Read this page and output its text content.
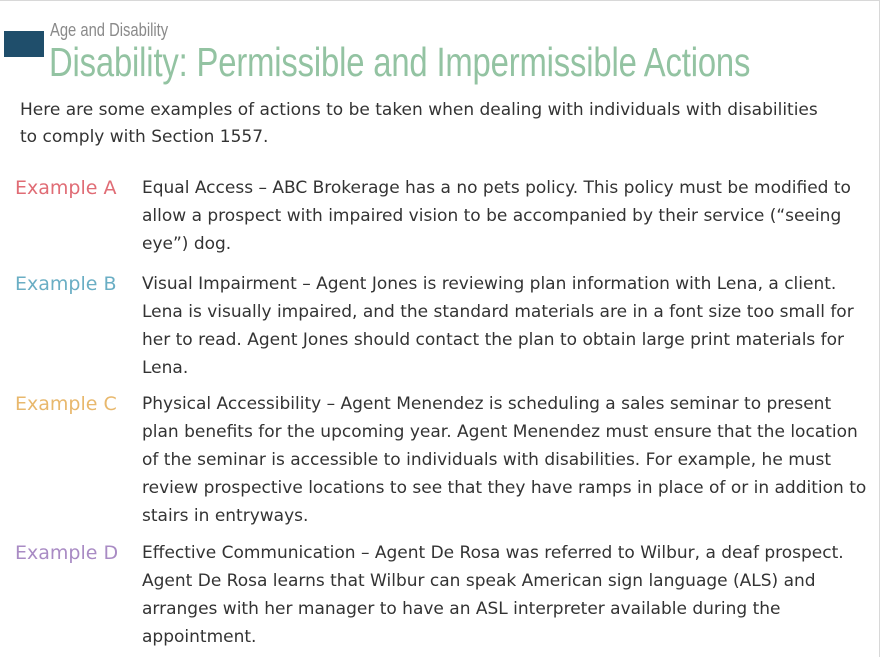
Age and Disability
Disability: Permissible and Impermissible Actions
Here are some examples of actions to be taken when dealing with individuals with disabilities to comply with Section 1557.
Example A Equal Access – ABC Brokerage has a no pets policy. This policy must be modified to allow a prospect with impaired vision to be accompanied by their service (“seeing eye”) dog.
Example B Visual Impairment – Agent Jones is reviewing plan information with Lena, a client. Lena is visually impaired, and the standard materials are in a font size too small for her to read. Agent Jones should contact the plan to obtain large print materials for Lena.
Example C Physical Accessibility – Agent Menendez is scheduling a sales seminar to present plan benefits for the upcoming year. Agent Menendez must ensure that the location of the seminar is accessible to individuals with disabilities. For example, he must review prospective locations to see that they have ramps in place of or in addition to stairs in entryways.
Example D Effective Communication – Agent De Rosa was referred to Wilbur, a deaf prospect. Agent De Rosa learns that Wilbur can speak American sign language (ALS) and arranges with her manager to have an ASL interpreter available during the appointment.
